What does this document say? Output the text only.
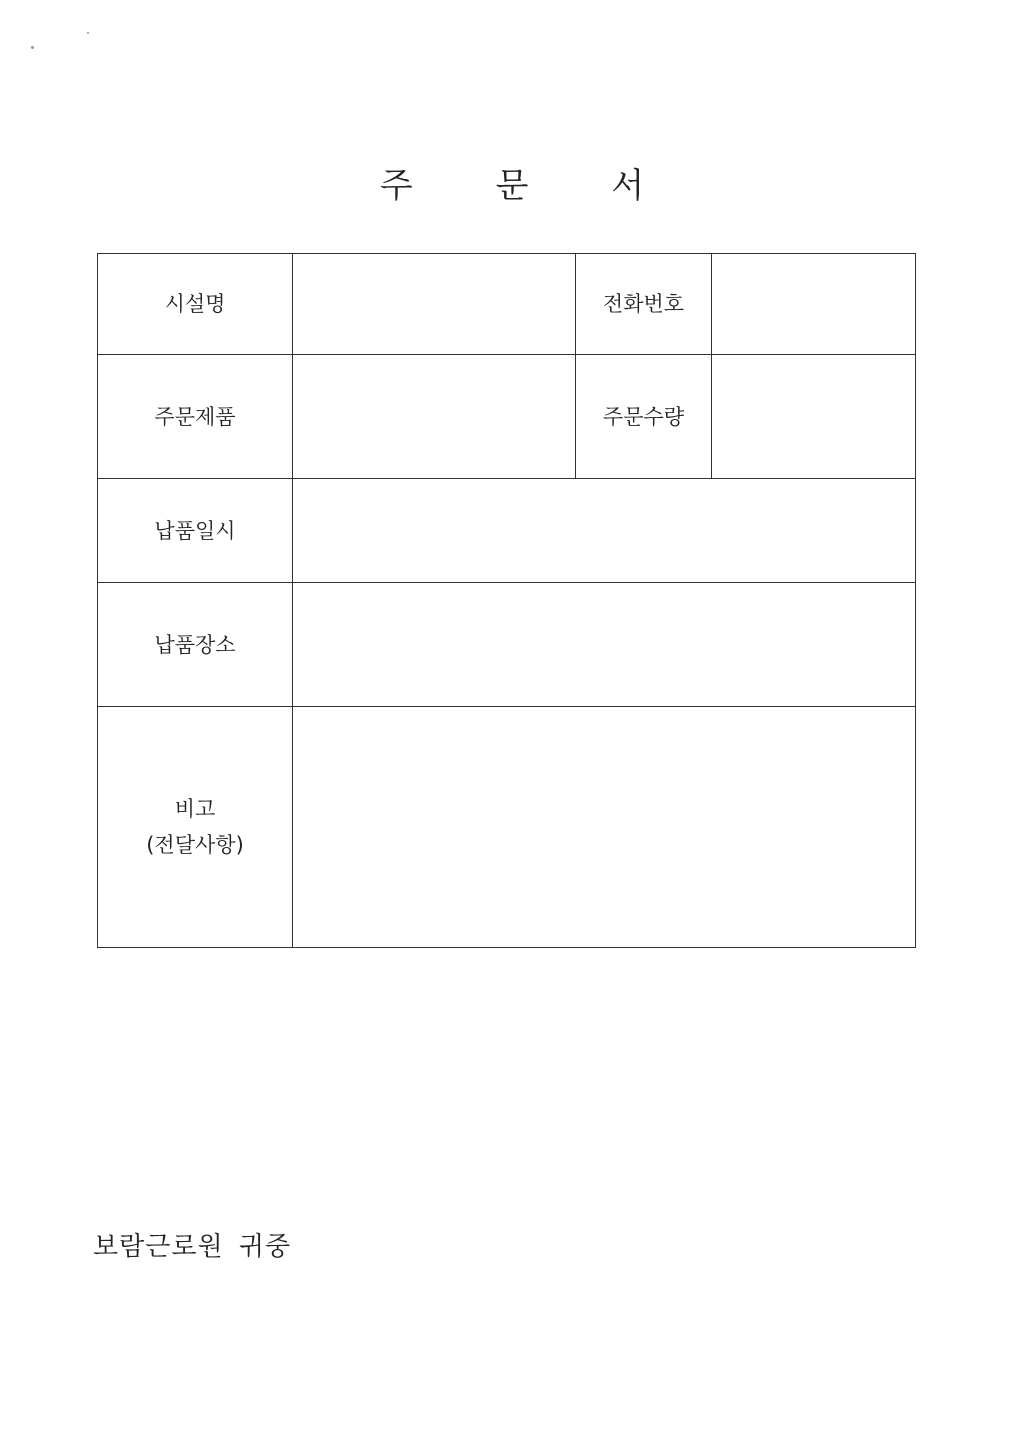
주 문 서
시설명		전화번호	
주문제품		주문수량	
납품일시			
납품장소			

비고
(전달사항)			

보람근로원 귀중
